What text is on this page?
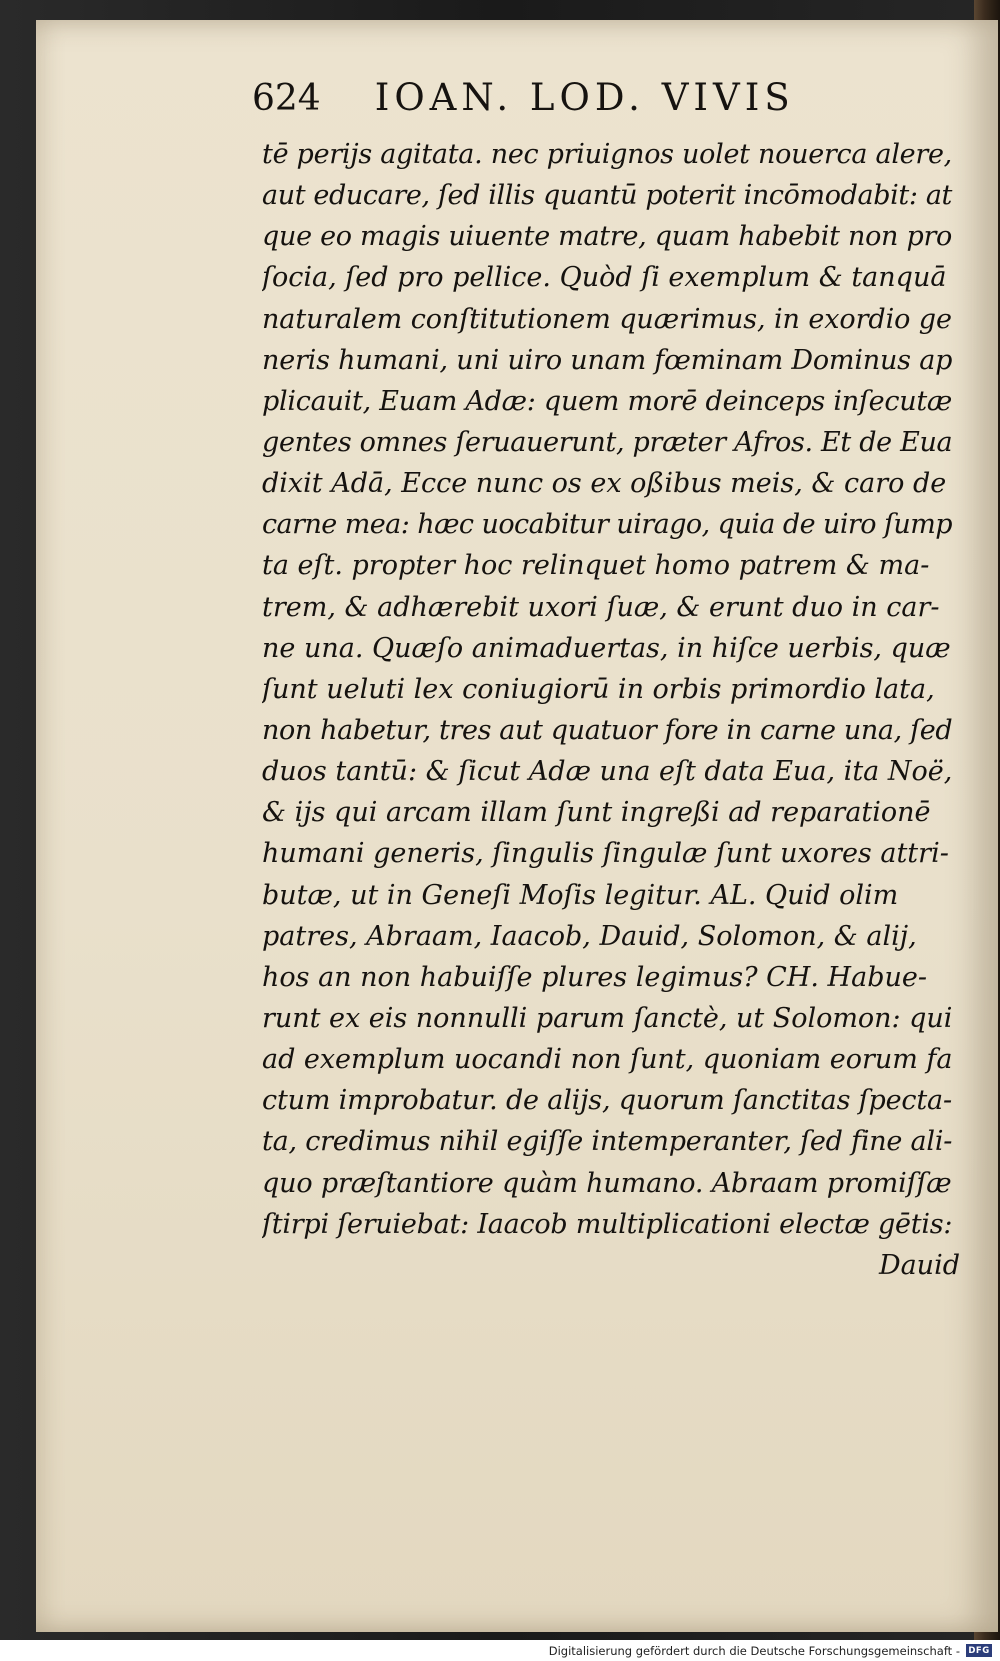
624 IOAN. LOD. VIVIS
tē perijs agitata. nec priuignos uolet nouerca alere,
aut educare, ſed illis quantū poterit incōmodabit: at
que eo magis uiuente matre, quam habebit non pro
ſocia, ſed pro pellice. Quòd ſi exemplum & tanquā
naturalem conſtitutionem quærimus, in exordio ge
neris humani, uni uiro unam fœminam Dominus ap
plicauit, Euam Adæ: quem morē deinceps inſecutæ
gentes omnes ſeruauerunt, præter Afros. Et de Eua
dixit Adā, Ecce nunc os ex oßibus meis, & caro de
carne mea: hæc uocabitur uirago, quia de uiro ſump
ta eſt. propter hoc relinquet homo patrem & ma-
trem, & adhærebit uxori ſuæ, & erunt duo in car-
ne una. Quæſo animaduertas, in hiſce uerbis, quæ
ſunt ueluti lex coniugiorū in orbis primordio lata,
non habetur, tres aut quatuor fore in carne una, ſed
duos tantū: & ſicut Adæ una eſt data Eua, ita Noë,
& ijs qui arcam illam ſunt ingreßi ad reparationē
humani generis, ſingulis ſingulæ ſunt uxores attri-
butæ, ut in Geneſi Moſis legitur. AL. Quid olim
patres, Abraam, Iaacob, Dauid, Solomon, & alij,
hos an non habuiſſe plures legimus? CH. Habue-
runt ex eis nonnulli parum ſanctè, ut Solomon: qui
ad exemplum uocandi non ſunt, quoniam eorum fa
ctum improbatur. de alijs, quorum ſanctitas ſpecta-
ta, credimus nihil egiſſe intemperanter, ſed fine ali-
quo præſtantiore quàm humano. Abraam promiſſæ
ſtirpi ſeruiebat: Iaacob multiplicationi electæ gētis:
Dauid
Digitalisierung gefördert durch die Deutsche Forschungsgemeinschaft - DFG
